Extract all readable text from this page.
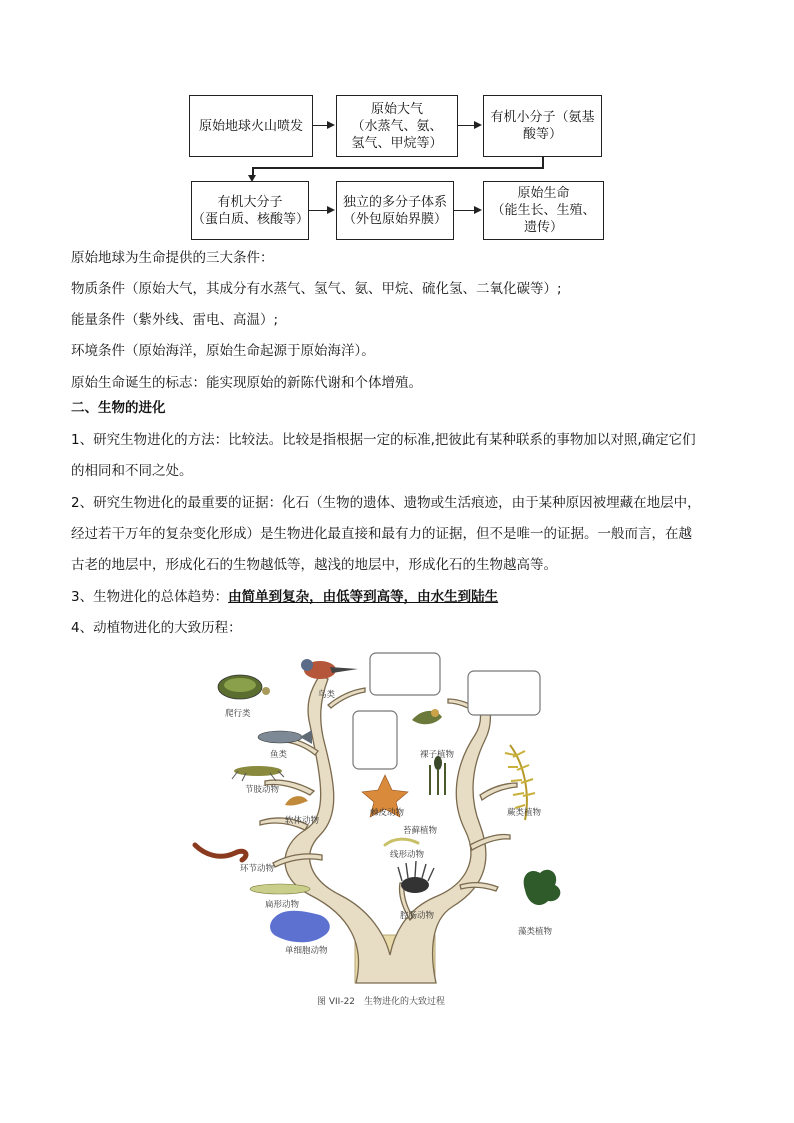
原始地球火山喷发
原始大气
（水蒸气、氨、
氢气、甲烷等）
有机小分子（氨基
酸等）
有机大分子
（蛋白质、核酸等）
独立的多分子体系
（外包原始界膜）
原始生命
（能生长、生殖、
遗传）
原始地球为生命提供的三大条件：
物质条件（原始大气，其成分有水蒸气、氢气、氨、甲烷、硫化氢、二氧化碳等）;
能量条件（紫外线、雷电、高温）;
环境条件（原始海洋，原始生命起源于原始海洋）。
原始生命诞生的标志：能实现原始的新陈代谢和个体增殖。
二、生物的进化
1、研究生物进化的方法：比较法。比较是指根据一定的标准,把彼此有某种联系的事物加以对照,确定它们
的相同和不同之处。
2、研究生物进化的最重要的证据：化石（生物的遗体、遗物或生活痕迹，由于某种原因被埋藏在地层中，
经过若干万年的复杂变化形成）是生物进化最直接和最有力的证据，但不是唯一的证据。一般而言，在越
古老的地层中，形成化石的生物越低等，越浅的地层中，形成化石的生物越高等。
3、生物进化的总体趋势：由简单到复杂，由低等到高等，由水生到陆生
4、动植物进化的大致历程：
鸟类
爬行类
鱼类
节肢动物
软体动物
环节动物
扁形动物
单细胞动物
棘皮动物
线形动物
腔肠动物
裸子植物
苔藓植物
蕨类植物
藻类植物
图 VII-22　生物进化的大致过程
